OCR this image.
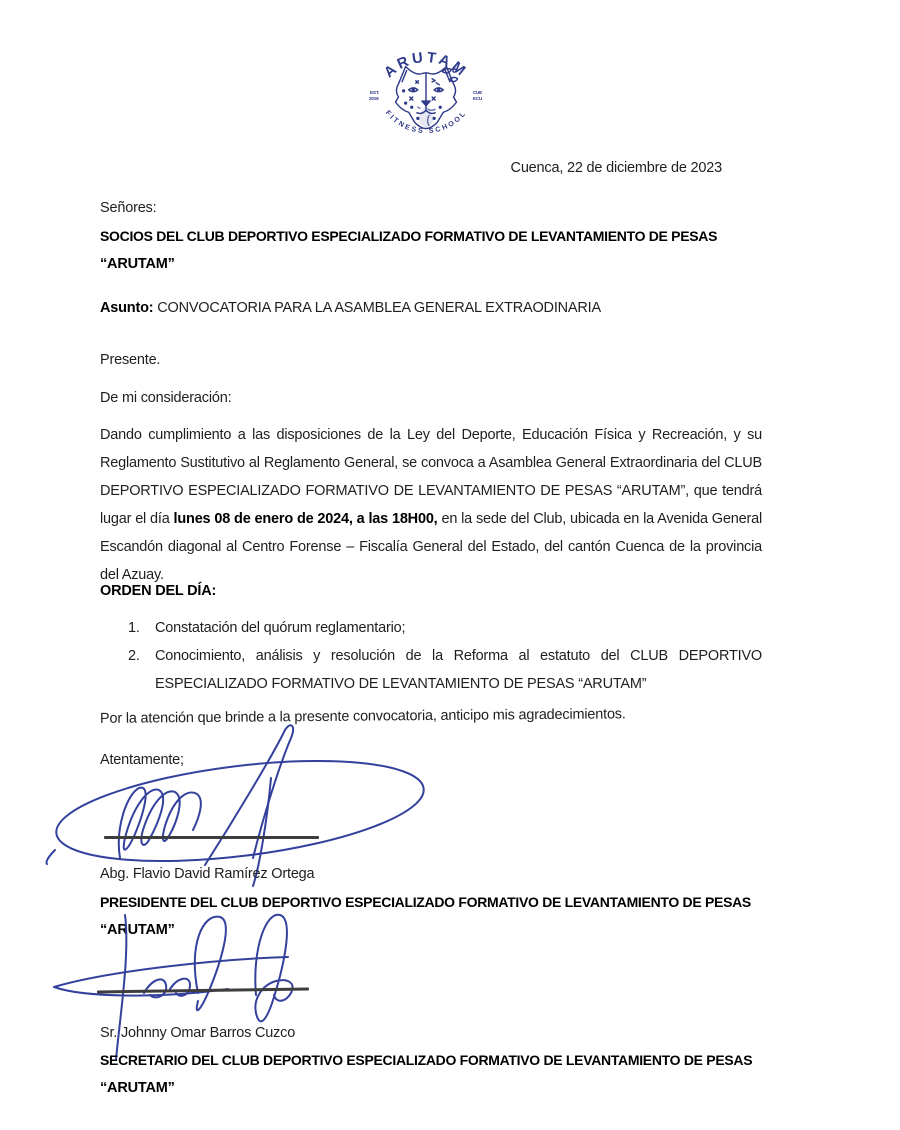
ARUTAM
FITNESS SCHOOL
EST.
2019
CUE
ECU
Cuenca, 22 de diciembre de 2023
Señores:
SOCIOS DEL CLUB DEPORTIVO ESPECIALIZADO FORMATIVO DE LEVANTAMIENTO DE PESAS
“ARUTAM”
Asunto: CONVOCATORIA PARA LA ASAMBLEA GENERAL EXTRAODINARIA
Presente.
De mi consideración:
Dando cumplimiento a las disposiciones de la Ley del Deporte, Educación Física y Recreación, y su Reglamento Sustitutivo al Reglamento General, se convoca a Asamblea General Extraordinaria del CLUB DEPORTIVO ESPECIALIZADO FORMATIVO DE LEVANTAMIENTO DE PESAS “ARUTAM”, que tendrá lugar el día lunes 08 de enero de 2024, a las 18H00, en la sede del Club, ubicada en la Avenida General Escandón diagonal al Centro Forense – Fiscalía General del Estado, del cantón Cuenca de la provincia del Azuay.
ORDEN DEL DÍA:
1.	Constatación del quórum reglamentario;
2.	Conocimiento, análisis y resolución de la Reforma al estatuto del CLUB DEPORTIVO ESPECIALIZADO FORMATIVO DE LEVANTAMIENTO DE PESAS “ARUTAM”
Por la atención que brinde a la presente convocatoria, anticipo mis agradecimientos.
Atentamente;
Abg. Flavio David Ramírez Ortega
PRESIDENTE DEL CLUB DEPORTIVO ESPECIALIZADO FORMATIVO DE LEVANTAMIENTO DE PESAS
“ARUTAM”
Sr. Johnny Omar Barros Cuzco
SECRETARIO DEL CLUB DEPORTIVO ESPECIALIZADO FORMATIVO DE LEVANTAMIENTO DE PESAS
“ARUTAM”
